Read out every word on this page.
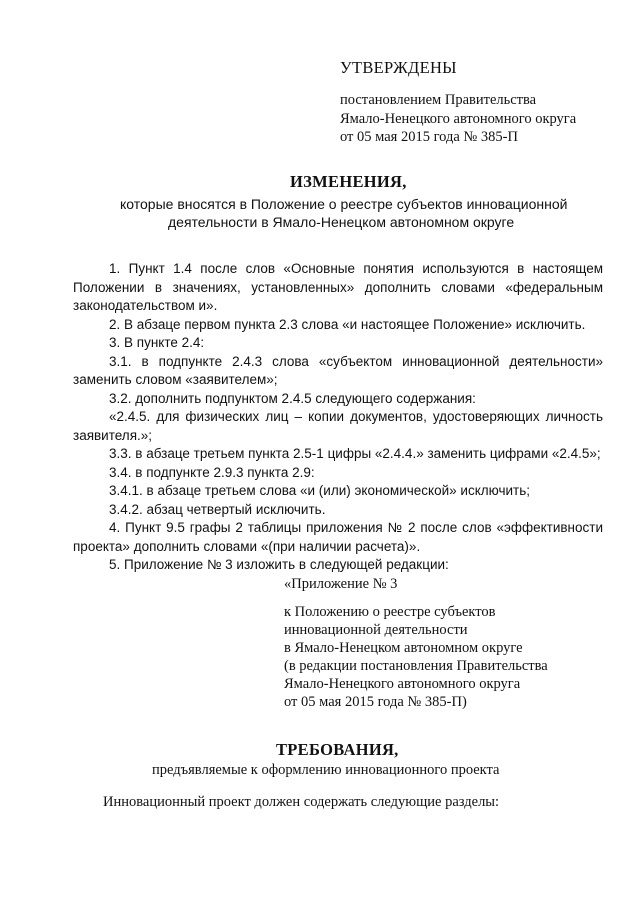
УТВЕРЖДЕНЫ
постановлением Правительства
Ямало-Ненецкого автономного округа
от 05 мая 2015 года № 385-П
ИЗМЕНЕНИЯ,
которые вносятся в Положение о реестре субъектов инновационной
деятельности в Ямало-Ненецком автономном округе

1. Пункт 1.4 после слов «Основные понятия используются в настоящем Положении в значениях, установленных» дополнить словами «федеральным законодательством и».

2. В абзаце первом пункта 2.3 слова «и настоящее Положение» исключить.

3. В пункте 2.4:

3.1. в подпункте 2.4.3 слова «субъектом инновационной деятельности» заменить словом «заявителем»;

3.2. дополнить подпунктом 2.4.5 следующего содержания:

«2.4.5. для физических лиц – копии документов, удостоверяющих личность заявителя.»;

3.3. в абзаце третьем пункта 2.5-1 цифры «2.4.4.» заменить цифрами «2.4.5»;

3.4. в подпункте 2.9.3 пункта 2.9:

3.4.1. в абзаце третьем слова «и (или) экономической» исключить;

3.4.2. абзац четвертый исключить.

4. Пункт 9.5 графы 2 таблицы приложения № 2 после слов «эффективности проекта» дополнить словами «(при наличии расчета)».

5. Приложение № 3 изложить в следующей редакции:

«Приложение № 3
к Положению о реестре субъектов
инновационной деятельности
в Ямало-Ненецком автономном округе
(в редакции постановления Правительства
Ямало-Ненецкого автономного округа
от 05 мая 2015 года № 385-П)
ТРЕБОВАНИЯ,
предъявляемые к оформлению инновационного проекта
Инновационный проект должен содержать следующие разделы:
